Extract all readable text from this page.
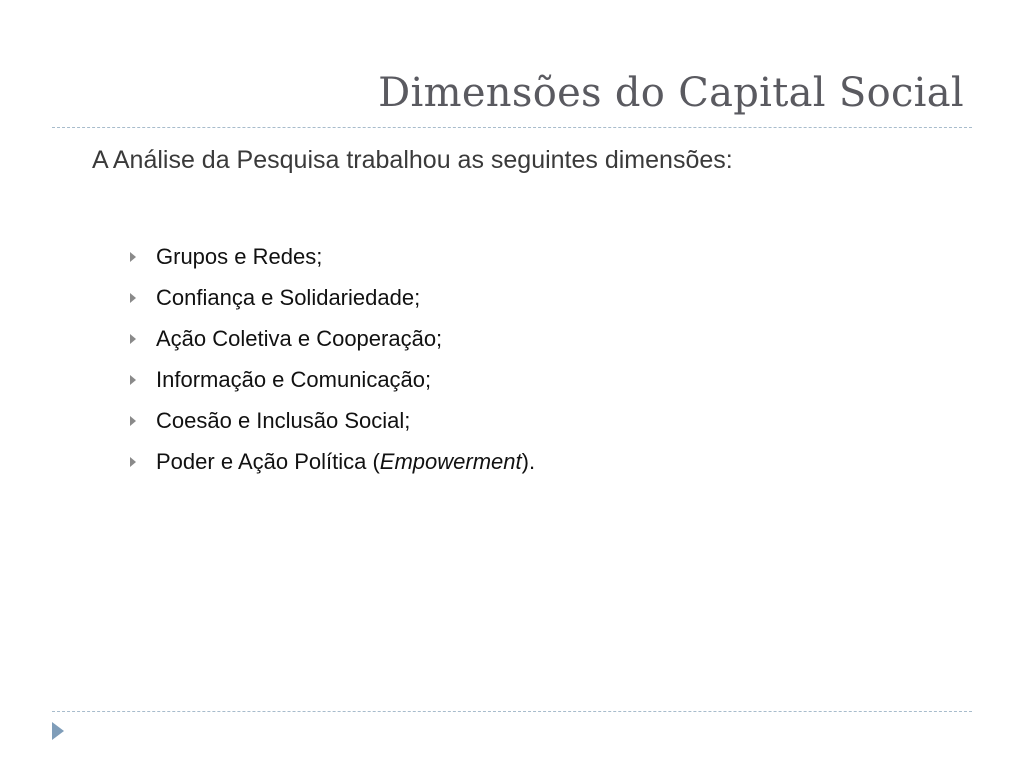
Dimensões do Capital Social
A Análise da Pesquisa trabalhou as seguintes dimensões:
Grupos e Redes;
Confiança e Solidariedade;
Ação Coletiva e Cooperação;
Informação e Comunicação;
Coesão e Inclusão Social;
Poder e Ação Política (Empowerment).
